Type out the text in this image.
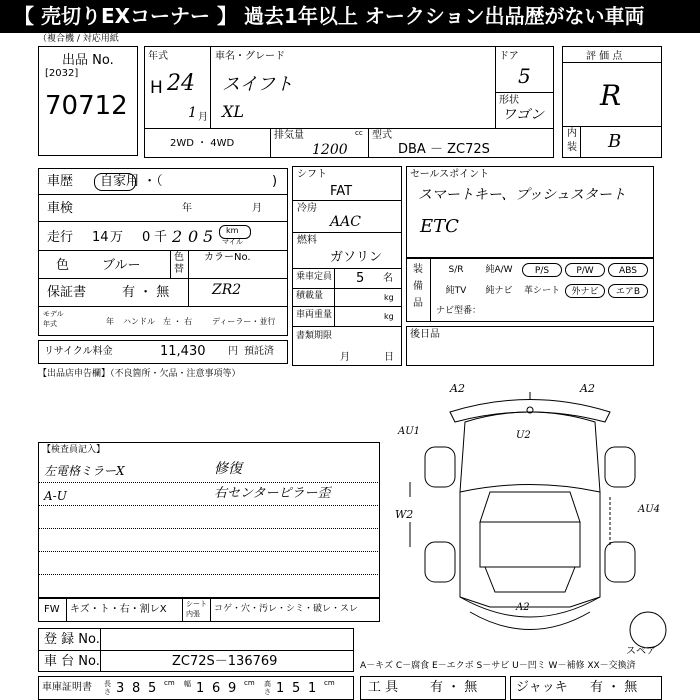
【 売切りEXコーナー 】 過去1年以上 オークション出品歴がない車両
（複合機 / 対応用紙
出品 No.
[2032]
70712
年式
H 24
1 月
車名・グレード
スイフト
XL
ドア
5
形状
ワゴン
2WD ・ 4WD
排気量	cc
1200
型式
DBA － ZC72S
評 価 点
R
内
装 B
車歴 自家用 ・（	)
車検	年	月
走行 14 万 0 千 2 0 5 km
マイル
色	ブルー
色
替
カラーNo.
ZR2
保証書	有 ・ 無
モデル
年式	年 ハンドル 左 ・ 右 ディーラー・並行
リサイクル料金	11,430 円 預託済
シフト
FAT
冷房
AAC
燃料
ガソリン
乗車定員 5 名
積載量	kg
車両重量	kg
書類期限
月	日
セールスポイント
スマートキー、プッシュスタート
ETC
装
備
品
S/R	純A/W	P/S	P/W	ABS
純TV	純ナビ	革シート	外ナビ	エアB
ナビ型番：
後日品
【出品店申告欄】（不良箇所・欠品・注意事項等）
【検査員記入】
左電格ミラーX	修復
A-U	右センターピラー歪
FW キズ・ト・右・割レX	シート
内張 コゲ・穴・汚レ・シミ・破レ・スレ
登 録 No.
車 台 No.	ZC72S－136769	A－キズ C－腐食 E－エクボ S－サビ U－凹ミ W－補修 XX－交換済
車庫証明書 長さ 3 8 5 cm 幅 1 6 9 cm 高さ 1 5 1 cm	工 具 有 ・ 無	ジャッキ 有 ・ 無
A2	A2
AU1	U2
W2	AU4
A2
スペア
